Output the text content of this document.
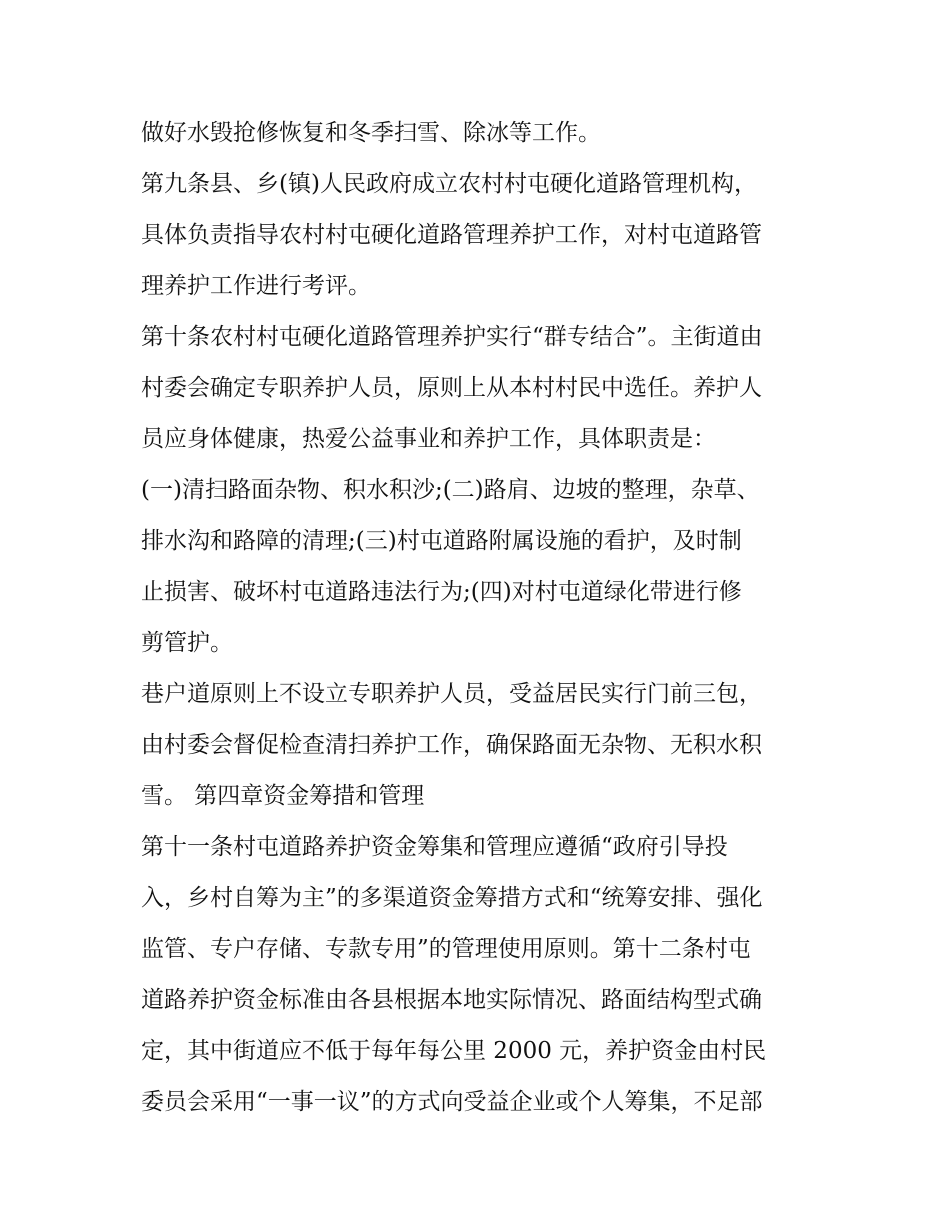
做好水毁抢修恢复和冬季扫雪、除冰等工作。
第九条县、乡(镇)人民政府成立农村村屯硬化道路管理机构，
具体负责指导农村村屯硬化道路管理养护工作，对村屯道路管
理养护工作进行考评。
第十条农村村屯硬化道路管理养护实行“群专结合”。主街道由
村委会确定专职养护人员，原则上从本村村民中选任。养护人
员应身体健康，热爱公益事业和养护工作，具体职责是：
(一)清扫路面杂物、积水积沙;(二)路肩、边坡的整理，杂草、
排水沟和路障的清理;(三)村屯道路附属设施的看护，及时制
止损害、破坏村屯道路违法行为;(四)对村屯道绿化带进行修
剪管护。
巷户道原则上不设立专职养护人员，受益居民实行门前三包，
由村委会督促检查清扫养护工作，确保路面无杂物、无积水积
雪。 第四章资金筹措和管理
第十一条村屯道路养护资金筹集和管理应遵循“政府引导投
入，乡村自筹为主”的多渠道资金筹措方式和“统筹安排、强化
监管、专户存储、专款专用”的管理使用原则。第十二条村屯
道路养护资金标准由各县根据本地实际情况、路面结构型式确
定，其中街道应不低于每年每公里 2000 元，养护资金由村民
委员会采用“一事一议”的方式向受益企业或个人筹集，不足部
